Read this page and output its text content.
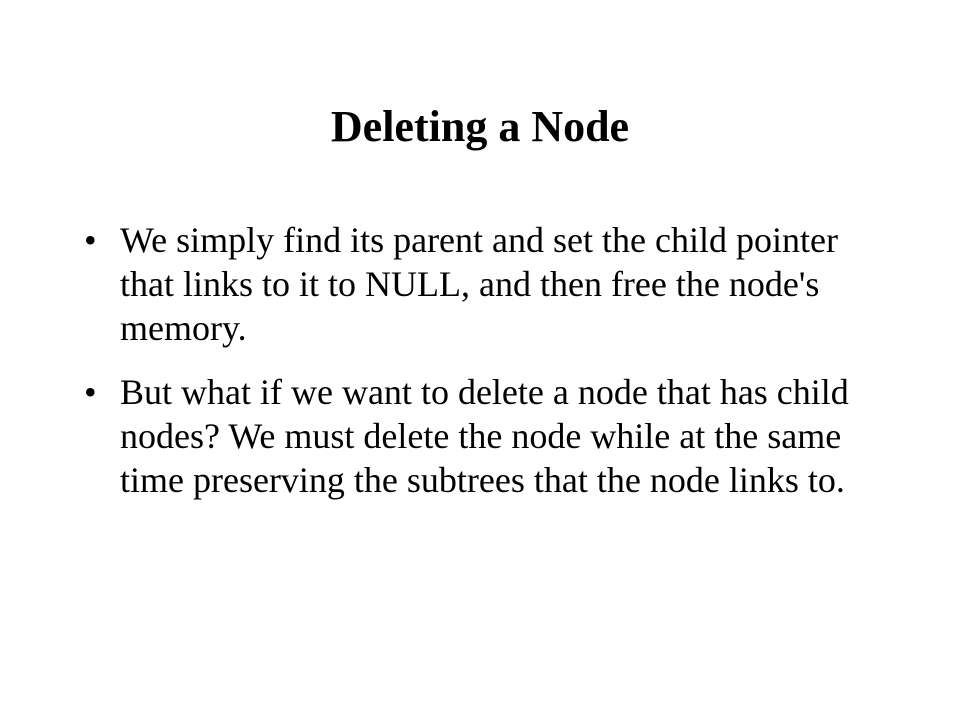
Deleting a Node
• We simply find its parent and set the child pointer that links to it to NULL, and then free the node's memory.
• But what if we want to delete a node that has child nodes? We must delete the node while at the same time preserving the subtrees that the node links to.
